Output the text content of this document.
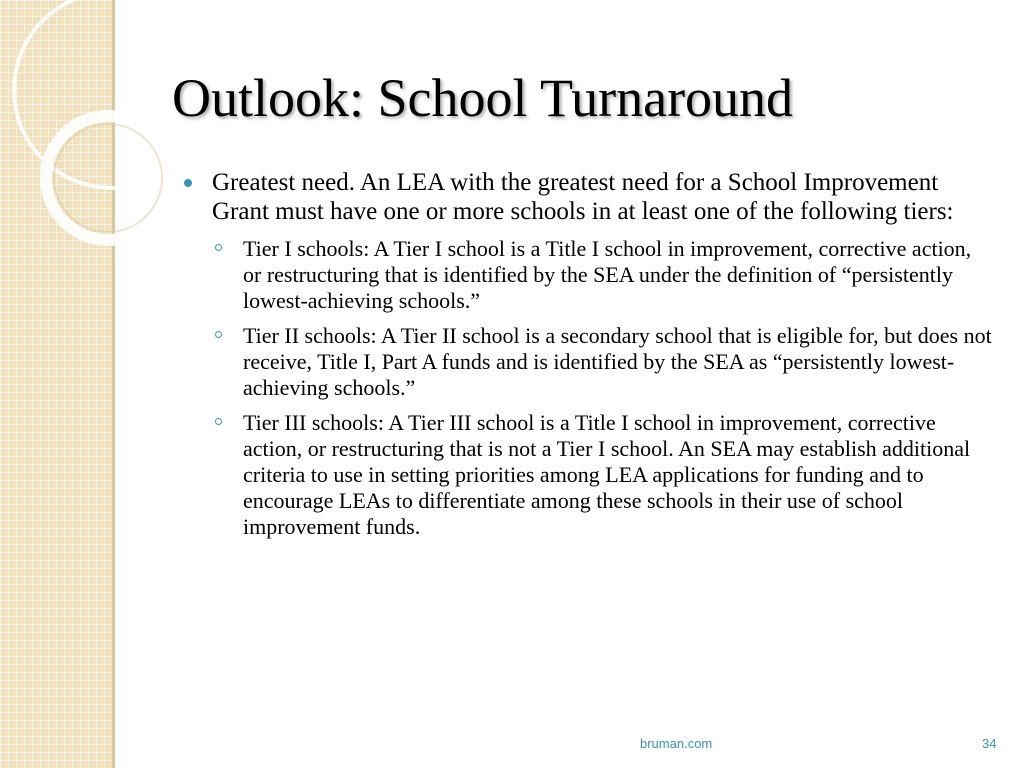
Outlook: School Turnaround
Greatest need. An LEA with the greatest need for a School Improvement Grant must have one or more schools in at least one of the following tiers:
Tier I schools: A Tier I school is a Title I school in improvement, corrective action, or restructuring that is identified by the SEA under the definition of “persistently lowest-achieving schools.”
Tier II schools: A Tier II school is a secondary school that is eligible for, but does not receive, Title I, Part A funds and is identified by the SEA as “persistently lowest-achieving schools.”
Tier III schools: A Tier III school is a Title I school in improvement, corrective action, or restructuring that is not a Tier I school. An SEA may establish additional criteria to use in setting priorities among LEA applications for funding and to encourage LEAs to differentiate among these schools in their use of school improvement funds.
bruman.com	34
